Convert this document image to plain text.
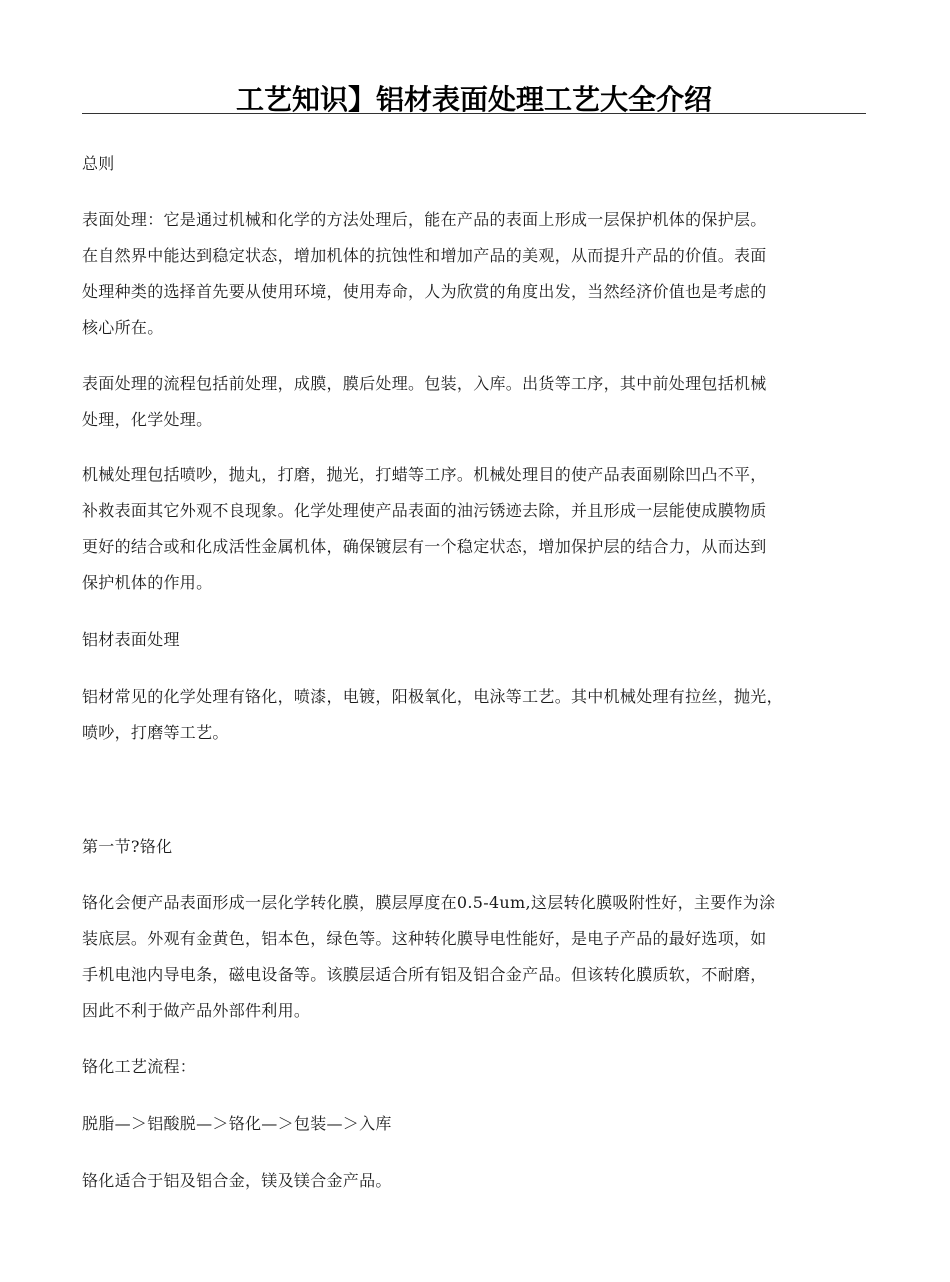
工艺知识】铝材表面处理工艺大全介绍

总则

表面处理：它是通过机械和化学的方法处理后，能在产品的表面上形成一层保护机体的保护层。
在自然界中能达到稳定状态，增加机体的抗蚀性和增加产品的美观，从而提升产品的价值。表面
处理种类的选择首先要从使用环境，使用寿命，人为欣赏的角度出发，当然经济价值也是考虑的
核心所在。

表面处理的流程包括前处理，成膜，膜后处理。包装，入库。出货等工序，其中前处理包括机械
处理，化学处理。

机械处理包括喷吵，抛丸，打磨，抛光，打蜡等工序。机械处理目的使产品表面剔除凹凸不平，
补救表面其它外观不良现象。化学处理使产品表面的油污锈迹去除，并且形成一层能使成膜物质
更好的结合或和化成活性金属机体，确保镀层有一个稳定状态，增加保护层的结合力，从而达到
保护机体的作用。

铝材表面处理

铝材常见的化学处理有铬化，喷漆，电镀，阳极氧化，电泳等工艺。其中机械处理有拉丝，抛光，
喷吵，打磨等工艺。

第一节?铬化

铬化会便产品表面形成一层化学转化膜，膜层厚度在0.5-4um,这层转化膜吸附性好，主要作为涂
装底层。外观有金黄色，铝本色，绿色等。这种转化膜导电性能好，是电子产品的最好选项，如
手机电池内导电条，磁电设备等。该膜层适合所有铝及铝合金产品。但该转化膜质软，不耐磨，
因此不利于做产品外部件利用。

铬化工艺流程：

脱脂—＞铝酸脱—＞铬化—＞包装—＞入库

铬化适合于铝及铝合金，镁及镁合金产品。
